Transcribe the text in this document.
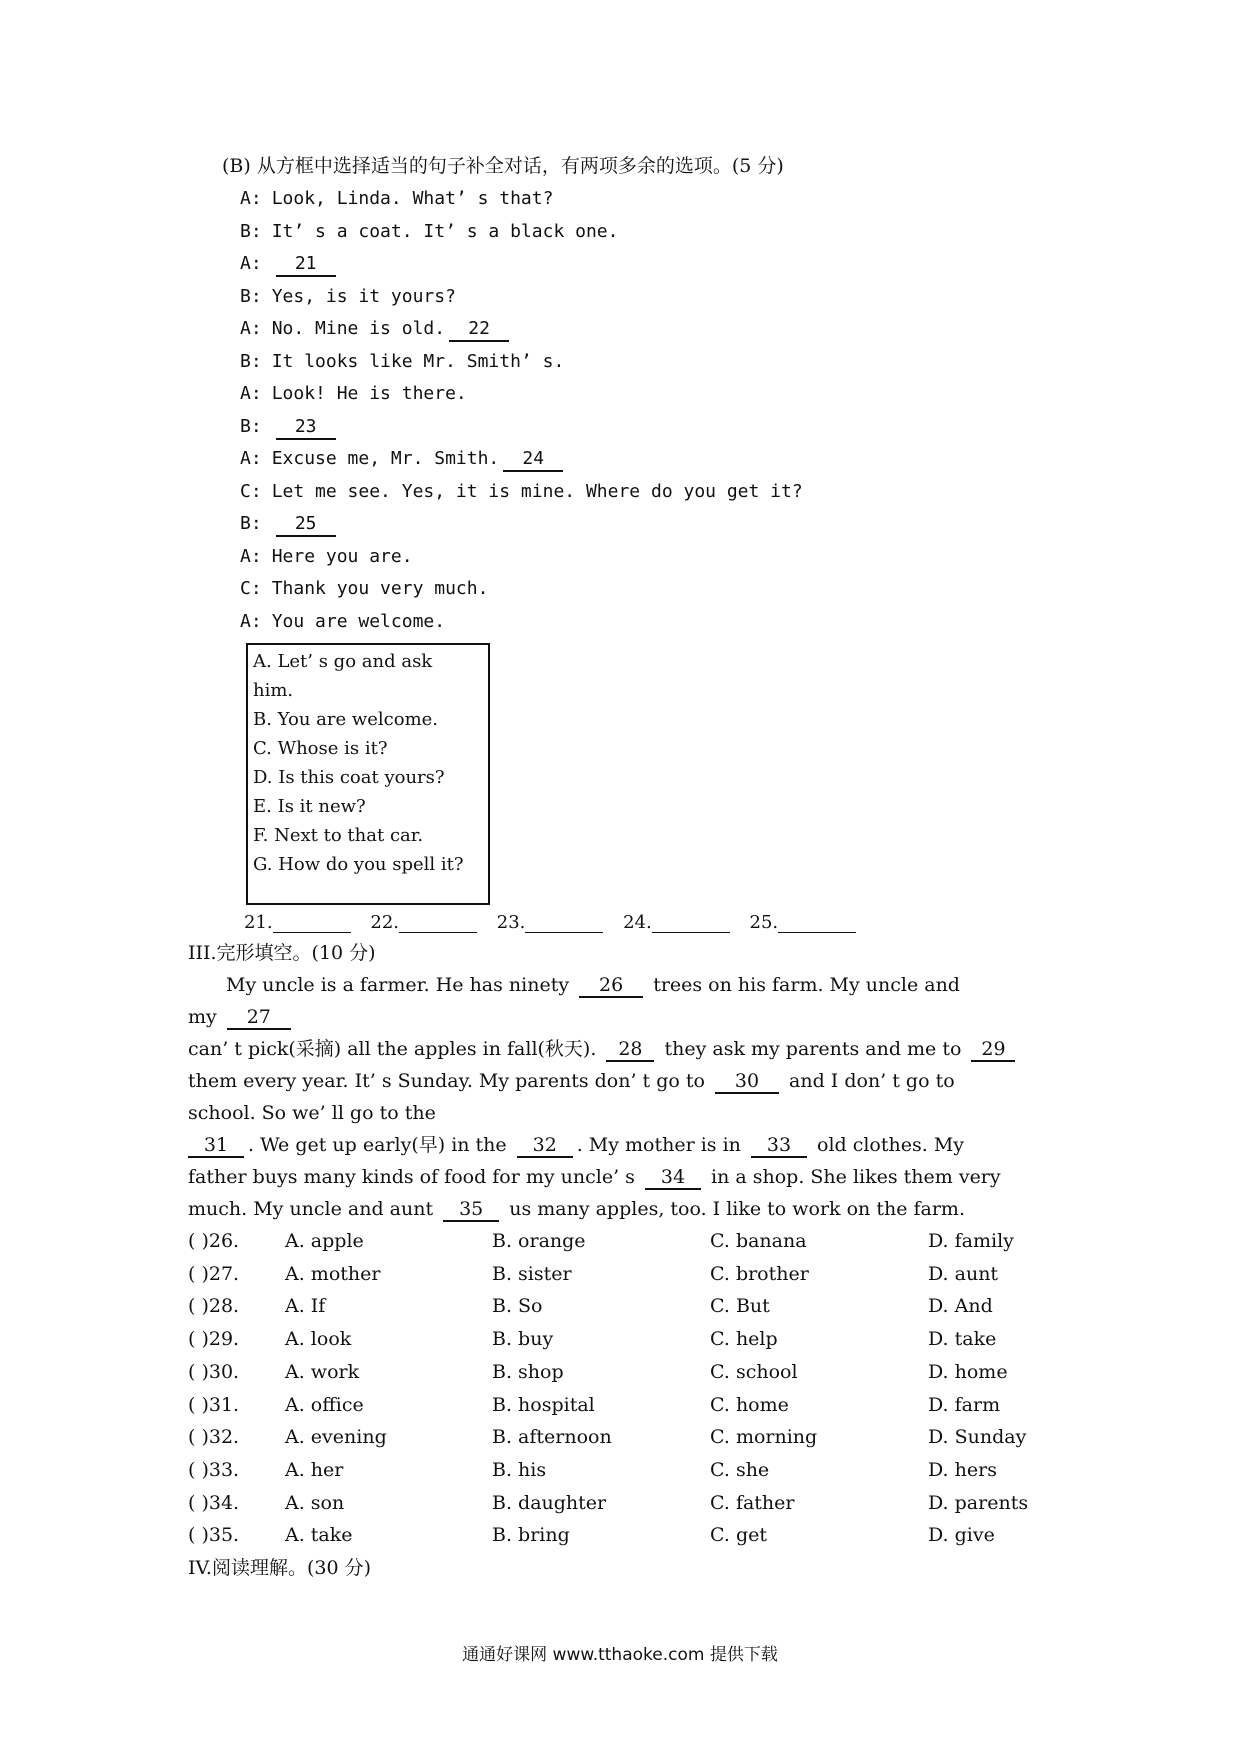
(B) 从方框中选择适当的句子补全对话，有两项多余的选项。(5 分)
A: Look, Linda. What’ s that?
B: It’ s a coat. It’ s a black one.
A: 21
B: Yes, is it yours?
A: No. Mine is old. 22
B: It looks like Mr. Smith’ s.
A: Look! He is there.
B: 23
A: Excuse me, Mr. Smith. 24
C: Let me see. Yes, it is mine. Where do you get it?
B: 25
A: Here you are.
C: Thank you very much.
A: You are welcome.
A. Let’ s go and ask
him.
B. You are welcome.
C. Whose is it?
D. Is this coat yours?
E. Is it new?
F. Next to that car.
G. How do you spell it?
21.	22.	23.	24.	25.
III.完形填空。(10 分)
My uncle is a farmer. He has ninety 26 trees on his farm. My uncle and
my 27
can’ t pick(采摘) all the apples in fall(秋天). 28 they ask my parents and me to 29
them every year. It’ s Sunday. My parents don’ t go to 30 and I don’ t go to
school. So we’ ll go to the
31 . We get up early(早) in the 32 . My mother is in 33 old clothes. My
father buys many kinds of food for my uncle’ s 34 in a shop. She likes them very
much. My uncle and aunt 35 us many apples, too. I like to work on the farm.
( )26. A. apple	B. orange	C. banana	D. family
( )27. A. mother	B. sister	C. brother	D. aunt
( )28. A. If	B. So	C. But	D. And
( )29. A. look	B. buy	C. help	D. take
( )30. A. work	B. shop	C. school	D. home
( )31. A. office	B. hospital	C. home	D. farm
( )32. A. evening	B. afternoon	C. morning	D. Sunday
( )33. A. her	B. his	C. she	D. hers
( )34. A. son	B. daughter	C. father	D. parents
( )35. A. take	B. bring	C. get	D. give
IV.阅读理解。(30 分)
通通好课网 www.tthaoke.com 提供下载
